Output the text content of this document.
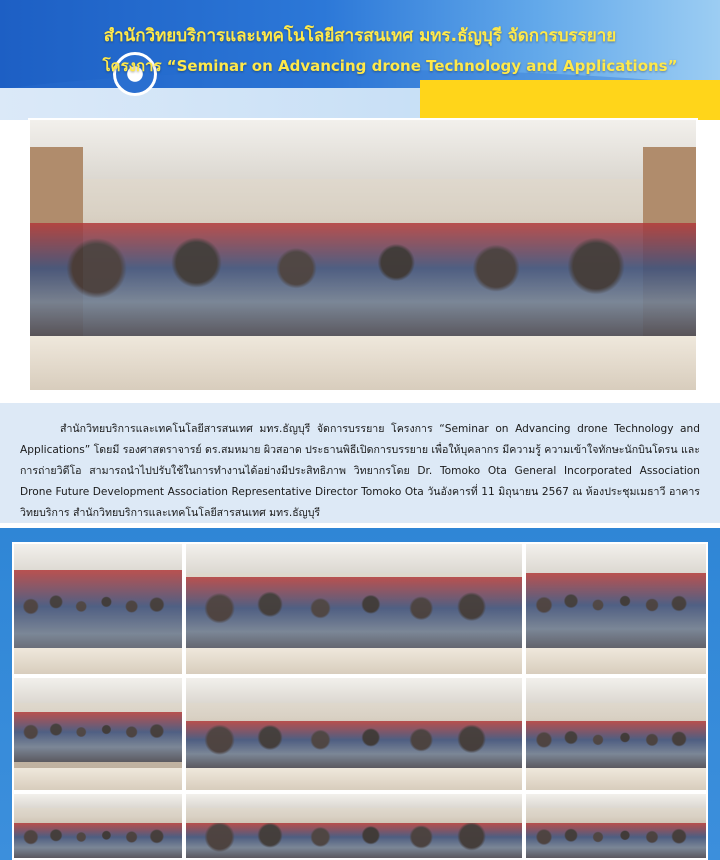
สำนักวิทยบริการและเทคโนโลยีสารสนเทศ มทร.ธัญบุรี จัดการบรรยาย
โครงการ “Seminar on Advancing drone Technology and Applications”

สำนักวิทยบริการและเทคโนโลยีสารสนเทศ มทร.ธัญบุรี จัดการบรรยาย โครงการ “Seminar on Advancing drone Technology and Applications” โดยมี รองศาสตราจารย์ ดร.สมหมาย ผิวสอาด ประธานพิธีเปิดการบรรยาย เพื่อให้บุคลากร มีความรู้ ความเข้าใจทักษะนักบินโดรน และการถ่ายวิดีโอ สามารถนำไปปรับใช้ในการทำงานได้อย่างมีประสิทธิภาพ วิทยากรโดย Dr. Tomoko Ota General Incorporated Association Drone Future Development Association Representative Director Tomoko Ota วันอังคารที่ 11 มิถุนายน 2567 ณ ห้องประชุมเมธาวี อาคารวิทยบริการ สำนักวิทยบริการและเทคโนโลยีสารสนเทศ มทร.ธัญบุรี
